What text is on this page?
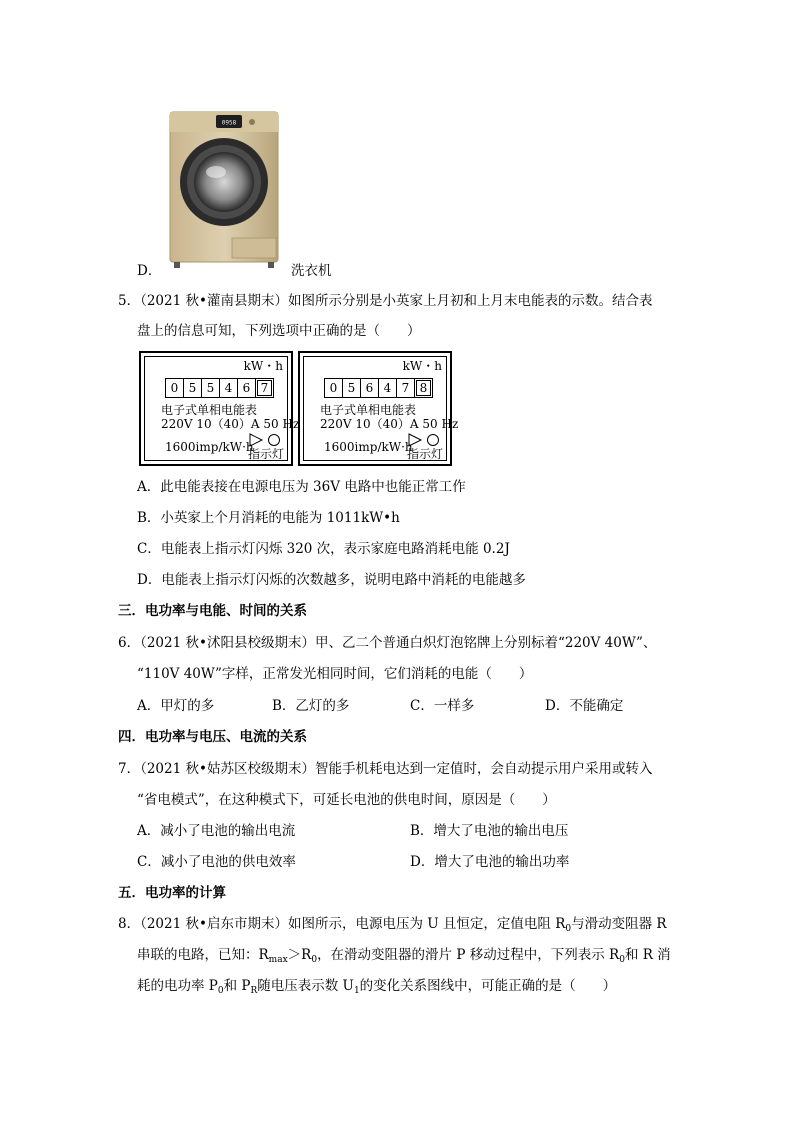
0958
D．	洗衣机
5．（2021 秋•灌南县期末）如图所示分别是小英家上月初和上月末电能表的示数。结合表
盘上的信息可知，下列选项中正确的是（　　）
kW・h
0 5 5 4 6 7
电子式单相电能表
220V 10（40）A 50 Hz
1600imp/kW·h
指示灯
kW・h
0 5 6 4 7 8
电子式单相电能表
220V 10（40）A 50 Hz
1600imp/kW·h
指示灯
A．此电能表接在电源电压为 36V 电路中也能正常工作
B．小英家上个月消耗的电能为 1011kW•h
C．电能表上指示灯闪烁 320 次，表示家庭电路消耗电能 0.2J
D．电能表上指示灯闪烁的次数越多，说明电路中消耗的电能越多
三．电功率与电能、时间的关系
6．（2021 秋•沭阳县校级期末）甲、乙二个普通白炽灯泡铭牌上分别标着“220V 40W”、
“110V 40W”字样，正常发光相同时间，它们消耗的电能（　　）
A．甲灯的多	B．乙灯的多	C．一样多	D．不能确定
四．电功率与电压、电流的关系
7．（2021 秋•姑苏区校级期末）智能手机耗电达到一定值时，会自动提示用户采用或转入
“省电模式”，在这种模式下，可延长电池的供电时间，原因是（　　）
A．减小了电池的输出电流	B．增大了电池的输出电压
C．减小了电池的供电效率	D．增大了电池的输出功率
五．电功率的计算
8．（2021 秋•启东市期末）如图所示，电源电压为 U 且恒定，定值电阻 $R_0$与滑动变阻器 R
串联的电路，已知：$R_{max}>R_0$，在滑动变阻器的滑片 P 移动过程中，下列表示 $R_0$和 R 消
耗的电功率 $P_0$和 $P_R$随电压表示数 $U_1$的变化关系图线中，可能正确的是（　　）
